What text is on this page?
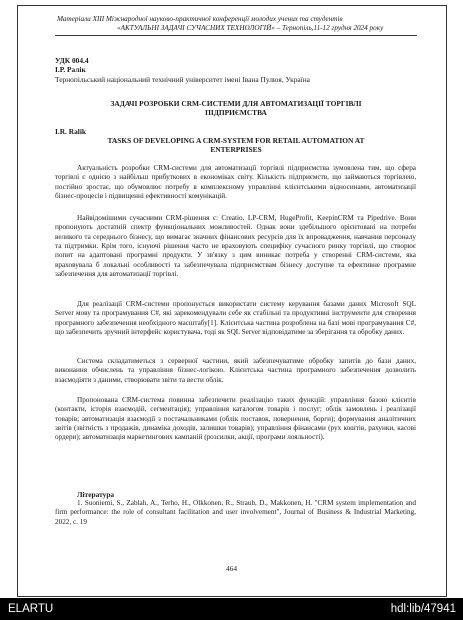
Матеріали XIII Міжнародної науково-практичної конференції молодих учених та студентів
«АКТУАЛЬНІ ЗАДАЧІ СУЧАСНИХ ТЕХНОЛОГІЙ» – Тернопіль,11-12 грудня 2024 року
УДК 004.4
І.Р. Ралік
Тернопільський національний технічний університет імені Івана Пулюя, Україна
ЗАДАЧІ РОЗРОБКИ CRM-СИСТЕМИ ДЛЯ АВТОМАТИЗАЦІЇ ТОРГІВЛІ
ПІДПРИЄМСТВА
I.R. Ralik
TASKS OF DEVELOPING A CRM-SYSTEM FOR RETAIL AUTOMATION AT
ENTERPRISES
Актуальність розробки CRM-системи для автоматизації торгівлі підприємства зумовлена тим, що сфера торгівлі є однією з найбільш прибуткових в економіках світу. Кількість підприємств, що займаються торгівлею, постійно зростає, що обумовлює потребу в комплексному управлінні клієнтськими відносинами, автоматизації бізнес-процесів і підвищенні ефективності комунікацій.
Найвідомішими сучасними CRM-рішення є: Creatio, LP-CRM, HugeProfit, KeepinCRM та Pipedrive. Вони пропонують достатній спектр функціональних можливостей. Однак вони здебільшого орієнтовані на потреби великого та середнього бізнесу, що вимагає значних фінансових ресурсів для їх впровадження, навчання персоналу та підтримки. Крім того, існуючі рішення часто не враховують специфіку сучасного ринку торгівлі, що створює попит на адаптовані програмні продукти. У зв'язку з цим виникає потреба у створенні CRM-системи, яка враховувала б локальні особливості та забезпечувала підприємствам бізнесу доступне та ефективне програмне забезпечення для автоматизації торгівлі.
Для реалізації CRM-системи пропонується використати систему керування базами даних Microsoft SQL Server мову та програмування C#, які зарекомендували себе як стабільні та продуктивні інструменти для створення програмного забезпечення необхідного масштабу[1]. Клієнтська частина розроблена на базі мові програмування C#, що забезпечить зручний інтерфейс користувача, тоді як SQL Server відповідатиме за зберігання та обробку даних.
Система складатиметься з серверної частини, який забезпечуватиме обробку запитів до бази даних, виконання обчислень та управління бізнес-логікою. Клієнтська частина програмного забезпечення дозволить взаємодіяти з даними, створювати звіти та вести облік.
Пропонована CRM-система повинна забезпечити реалізацію таких функцій: управління базою клієнтів (контакти, історія взаємодій, сегментація); управління каталогом товарів і послуг; облік замовлень і реалізації товарів; автоматизація взаємодії з постачальниками (облік поставок, повернення, борги); формування аналітичних звітів (звітність з продажів, динаміка доходів, залишки товарів); управління фінансами (рух коштів, рахунки, касові ордери); автоматизація маркетингових кампаній (розсилки, акції, програми лояльності).
Література
1. Suoniemi, S., Zablah, A., Terho, H., Olkkonen, R., Straub, D., Makkonen, H. "CRM system implementation and firm performance: the role of consultant facilitation and user involvement", Journal of Business & Industrial Marketing, 2022, с. 19
464
ELARTU	hdl:lib/47941
